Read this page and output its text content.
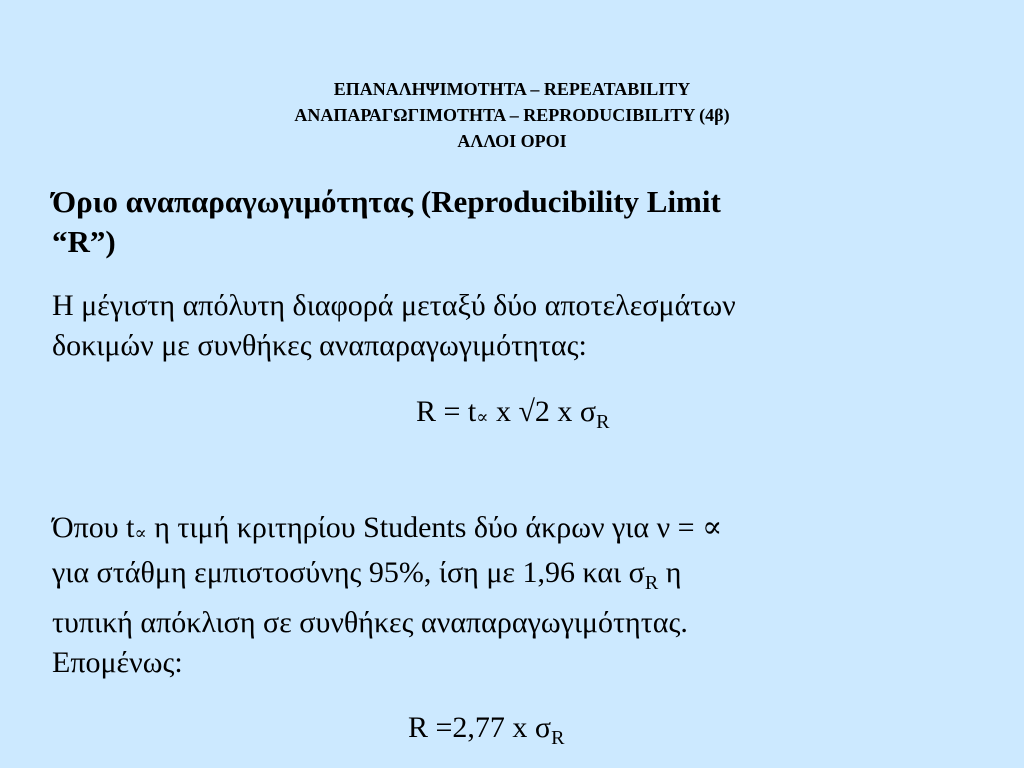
ΕΠΑΝΑΛΗΨΙΜΟΤΗΤΑ – REPEATABILITY
ΑΝΑΠΑΡΑΓΩΓΙΜΟΤΗΤΑ – REPRODUCIBILITY (4β)
ΑΛΛΟΙ ΟΡΟΙ
Όριο αναπαραγωγιμότητας (Reproducibility Limit
“R”)
Η μέγιστη απόλυτη διαφορά μεταξύ δύο αποτελεσμάτων
δοκιμών με συνθήκες αναπαραγωγιμότητας:
R = t∝ x √2 x $\sigma_R$
Όπου t∝ η τιμή κριτηρίου Students δύο άκρων για ν = ∝
για στάθμη εμπιστοσύνης 95%, ίση με 1,96 και $\sigma_R$ η
τυπική απόκλιση σε συνθήκες αναπαραγωγιμότητας.
Επομένως:
R =2,77 x $\sigma_R$
